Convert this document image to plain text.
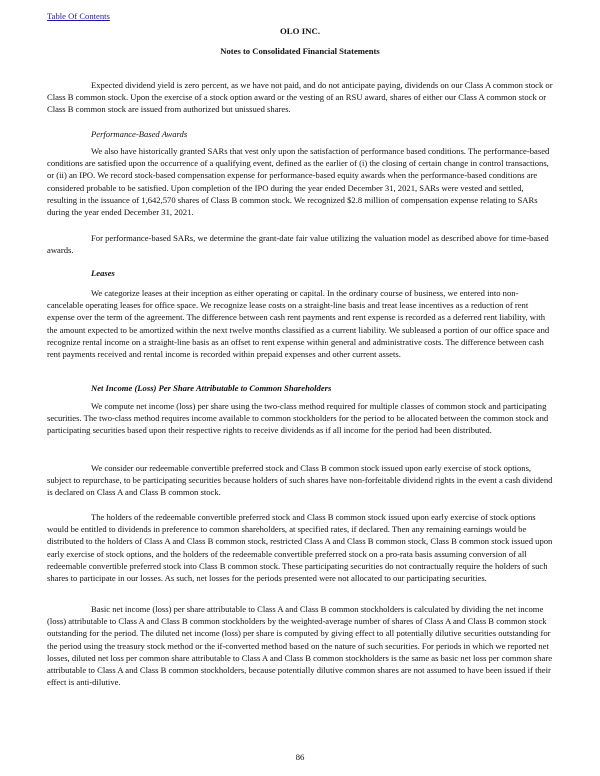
Table Of Contents
OLO INC.
Notes to Consolidated Financial Statements

Expected dividend yield is zero percent, as we have not paid, and do not anticipate paying, dividends on our Class A common stock or Class B common stock. Upon the exercise of a stock option award or the vesting of an RSU award, shares of either our Class A common stock or Class B common stock are issued from authorized but unissued shares.

Performance-Based Awards

We also have historically granted SARs that vest only upon the satisfaction of performance based conditions. The performance-based conditions are satisfied upon the occurrence of a qualifying event, defined as the earlier of (i) the closing of certain change in control transactions, or (ii) an IPO. We record stock-based compensation expense for performance-based equity awards when the performance-based conditions are considered probable to be satisfied. Upon completion of the IPO during the year ended December 31, 2021, SARs were vested and settled, resulting in the issuance of 1,642,570 shares of Class B common stock. We recognized $2.8 million of compensation expense relating to SARs during the year ended December 31, 2021.

For performance-based SARs, we determine the grant-date fair value utilizing the valuation model as described above for time-based awards.

Leases

We categorize leases at their inception as either operating or capital. In the ordinary course of business, we entered into non-cancelable operating leases for office space. We recognize lease costs on a straight-line basis and treat lease incentives as a reduction of rent expense over the term of the agreement. The difference between cash rent payments and rent expense is recorded as a deferred rent liability, with the amount expected to be amortized within the next twelve months classified as a current liability. We subleased a portion of our office space and recognize rental income on a straight-line basis as an offset to rent expense within general and administrative costs. The difference between cash rent payments received and rental income is recorded within prepaid expenses and other current assets.

Net Income (Loss) Per Share Attributable to Common Shareholders

We compute net income (loss) per share using the two-class method required for multiple classes of common stock and participating securities. The two-class method requires income available to common stockholders for the period to be allocated between the common stock and participating securities based upon their respective rights to receive dividends as if all income for the period had been distributed.

We consider our redeemable convertible preferred stock and Class B common stock issued upon early exercise of stock options, subject to repurchase, to be participating securities because holders of such shares have non-forfeitable dividend rights in the event a cash dividend is declared on Class A and Class B common stock.

The holders of the redeemable convertible preferred stock and Class B common stock issued upon early exercise of stock options would be entitled to dividends in preference to common shareholders, at specified rates, if declared. Then any remaining earnings would be distributed to the holders of Class A and Class B common stock, restricted Class A and Class B common stock, Class B common stock issued upon early exercise of stock options, and the holders of the redeemable convertible preferred stock on a pro-rata basis assuming conversion of all redeemable convertible preferred stock into Class B common stock. These participating securities do not contractually require the holders of such shares to participate in our losses. As such, net losses for the periods presented were not allocated to our participating securities.

Basic net income (loss) per share attributable to Class A and Class B common stockholders is calculated by dividing the net income (loss) attributable to Class A and Class B common stockholders by the weighted-average number of shares of Class A and Class B common stock outstanding for the period. The diluted net income (loss) per share is computed by giving effect to all potentially dilutive securities outstanding for the period using the treasury stock method or the if-converted method based on the nature of such securities. For periods in which we reported net losses, diluted net loss per common share attributable to Class A and Class B common stockholders is the same as basic net loss per common share attributable to Class A and Class B common stockholders, because potentially dilutive common shares are not assumed to have been issued if their effect is anti-dilutive.

86
